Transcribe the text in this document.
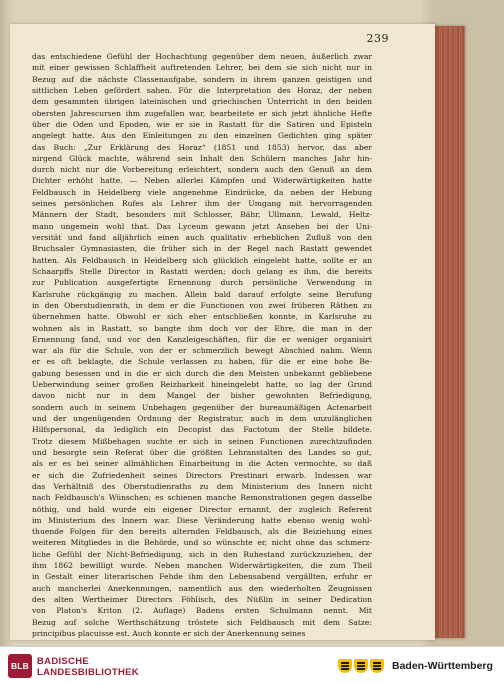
239
das entschiedene Gefühl der Hochachtung gegenüber dem neuen, äußerlich zwar
mit einer gewissen Schlaffheit auftretenden Lehrer, bei dem sie sich nicht nur in
Bezug auf die nächste Classenaufgabe, sondern in ihrem ganzen geistigen und
sittlichen Leben gefördert sahen. Für die Interpretation des Horaz, der neben
dem gesammten übrigen lateinischen und griechischen Unterricht in den beiden
obersten Jahrescursen ihm zugefallen war, bearbeitete er sich jetzt ähnliche Hefte
über die Oden und Epoden, wie er sie in Rastatt für die Satiren und Episteln
angelegt hatte. Aus den Einleitungen zu den einzelnen Gedichten ging später
das Buch: „Zur Erklärung des Horaz“ (1851 und 1853) hervor, das aber
nirgend Glück machte, während sein Inhalt den Schülern manches Jahr hin-
durch nicht nur die Vorbereitung erleichtert, sondern auch den Genuß an dem
Dichter erhöht hatte. — Neben allerlei Kämpfen und Widerwärtigkeiten hatte
Feldbausch in Heidelberg viele angenehme Eindrücke, da neben der Hebung
seines persönlichen Rufes als Lehrer ihm der Umgang mit hervorragenden
Männern der Stadt, besonders mit Schlosser, Bähr, Ullmann, Lewald, Heltz-
mann ungemein wohl that. Das Lyceum gewann jetzt Ansehen bei der Uni-
versität und fand alljährlich einen auch qualitativ erheblichen Zufluß von den
Bruchsaler Gymnasiasten, die früher sich in der Regel nach Rastatt gewendet
hatten. Als Feldbausch in Heidelberg sich glücklich eingelebt hatte, sollte er an
Schaarpffs Stelle Director in Rastatt werden; doch gelang es ihm, die bereits
zur Publication ausgefertigte Ernennung durch persönliche Verwendung in
Karlsruhe rückgängig zu machen. Allein bald darauf erfolgte seine Berufung
in den Oberstudienrath, in dem er die Functionen von zwei früheren Räthen zu
übernehmen hatte. Obwohl er sich eher entschließen konnte, in Karlsruhe zu
wohnen als in Rastatt, so bangte ihm doch vor der Ehre, die man in der
Ernennung fand, und vor den Kanzleigeschäften, für die er weniger organisirt
war als für die Schule, von der er schmerzlich bewegt Abschied nahm. Wenn
er es oft beklagte, die Schule verlassen zu haben, für die er eine hohe Be-
gabung besessen und in die er sich durch die den Meisten unbekannt gebliebene
Ueberwindung seiner großen Reizbarkeit hineingelebt hatte, so lag der Grund
davon nicht nur in dem Mangel der bisher gewohnten Befriedigung,
sondern auch in seinem Unbehagen gegenüber der bureaumäßigen Actenarbeit
und der ungenügenden Ordnung der Registratur, auch in dem unzulänglichen
Hilfspersonal, da lediglich ein Decopist das Factotum der Stelle bildete.
Trotz diesem Mißbehagen suchte er sich in seinen Functionen zurechtzufinden
und besorgte sein Referat über die größten Lehranstalten des Landes so gut,
als er es bei seiner allmählichen Einarbeitung in die Acten vermochte, so daß
er sich die Zufriedenheit seines Directors Prestinari erwarb. Indessen war
das Verhältniß des Oberstudienraths zu dem Ministerium des Innern nicht
nach Feldbausch's Wünschen; es schienen manche Remonstrationen gegen dasselbe
nöthig, und bald wurde ein eigener Director ernannt, der zugleich Referent
im Ministerium des Innern war. Diese Veränderung hatte ebenso wenig wohl-
thuende Folgen für den bereits alternden Feldbausch, als die Beiziehung eines
weiteren Mitgliedes in die Behörde, und so wünschte er, nicht ohne das schmerz-
liche Gefühl der Nicht-Befriedigung, sich in den Ruhestand zurückzuziehen, der
ihm 1862 bewilligt wurde. Neben manchen Widerwärtigkeiten, die zum Theil
in Gestalt einer literarischen Fehde ihm den Lebensabend vergällten, erfuhr er
auch mancherlei Anerkennungen, namentlich aus den wiederholten Zeugnissen
des alten Wertheimer Directors Föhlisch, des Nüßlin in seiner Dedication
von Platon's Kriton (2. Auflage) Badens ersten Schulmann nennt. Mit
Bezug auf solche Werthschätzung tröstete sich Feldbausch mit dem Satze:
principibus placuisse est. Auch konnte er sich der Anerkennung seines
BLB BADISCHE
LANDESBIBLIOTHEK
Baden-Württemberg
